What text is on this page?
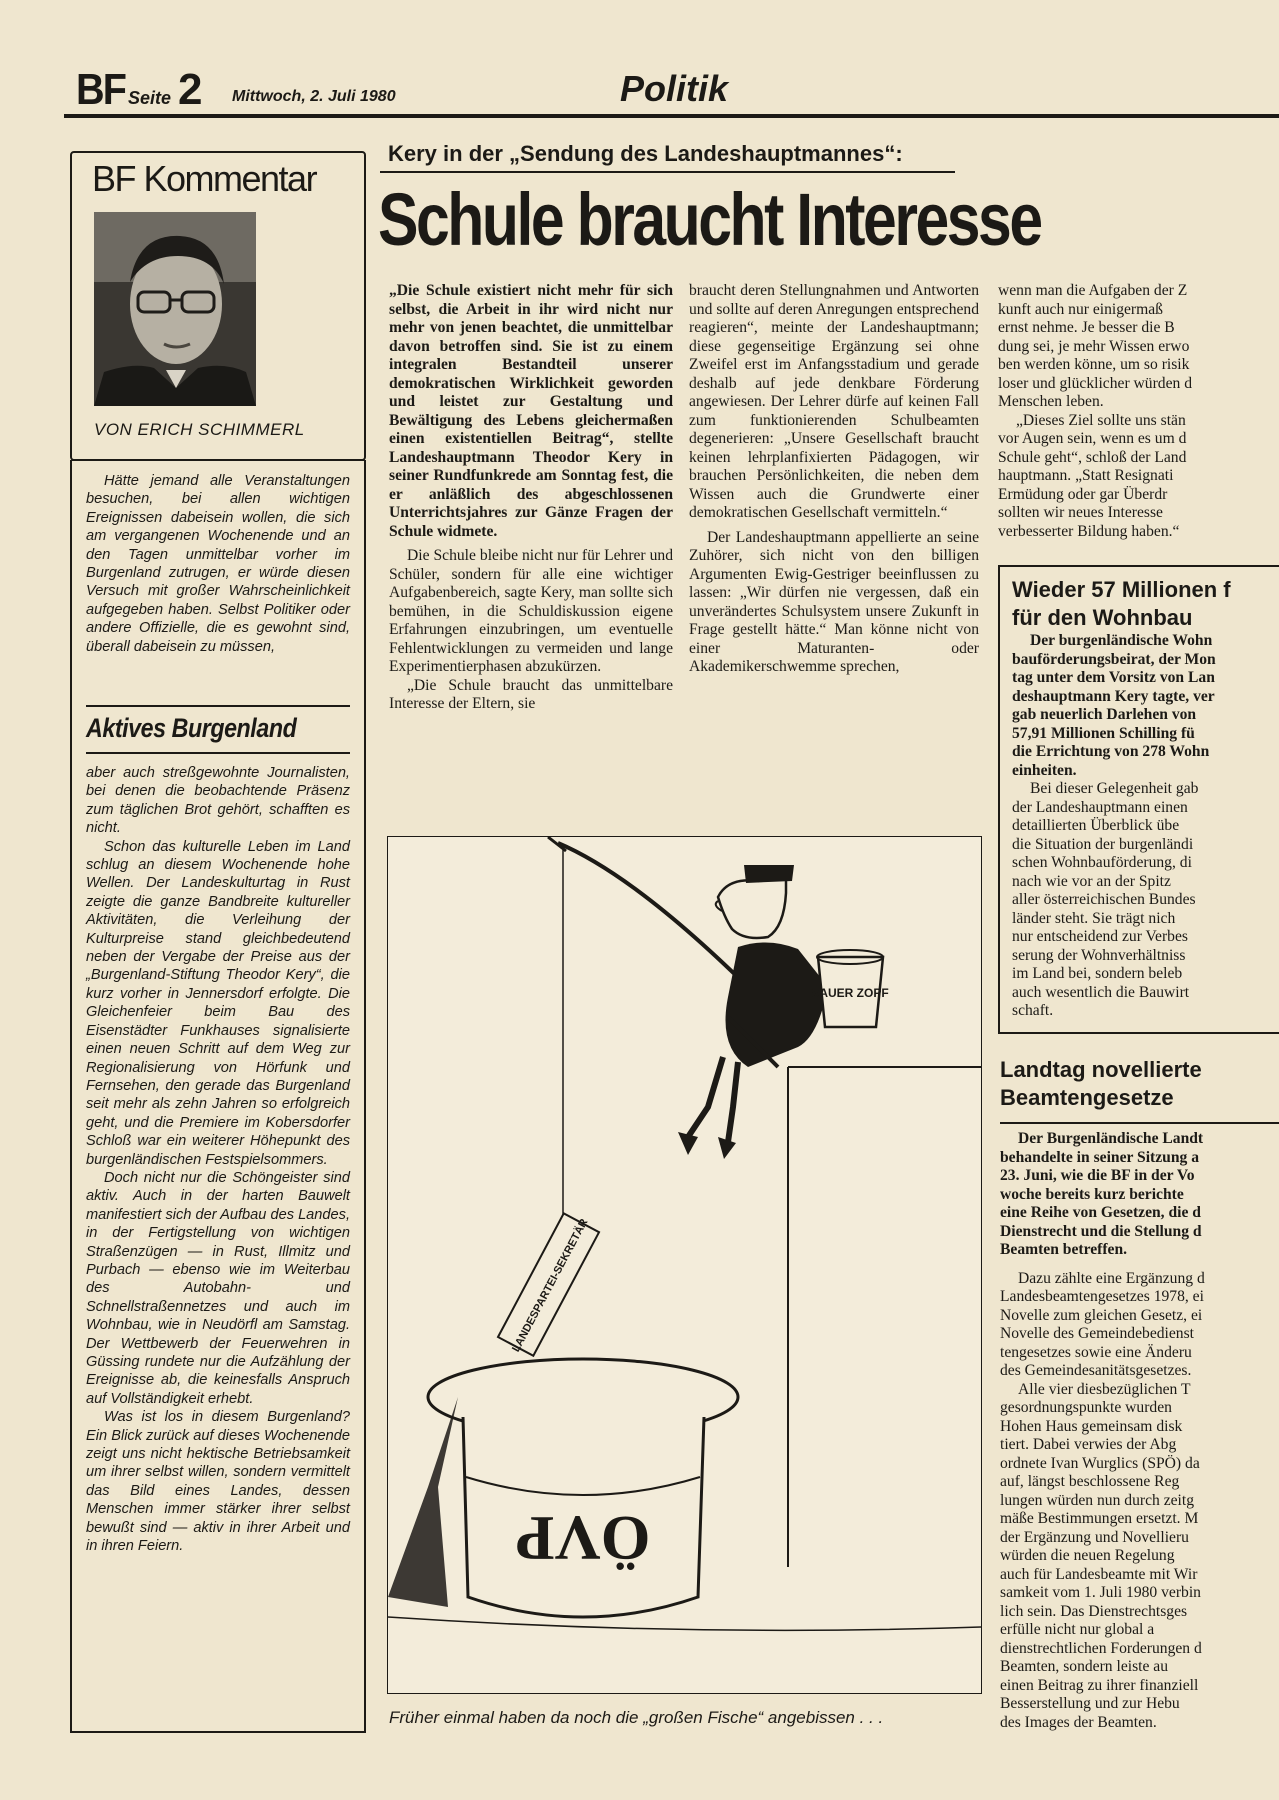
BF Seite 2 Mittwoch, 2. Juli 1980	Politik
BF Kommentar
VON ERICH SCHIMMERL

Hätte jemand alle Veranstaltungen besuchen, bei allen wichtigen Ereignissen dabeisein wollen, die sich am vergangenen Wochenende und an den Tagen unmittelbar vorher im Burgenland zutrugen, er würde diesen Versuch mit großer Wahrscheinlichkeit aufgegeben haben. Selbst Politiker oder andere Offizielle, die es gewohnt sind, überall dabeisein zu müssen,

Aktives Burgenland

aber auch streßgewohnte Journalisten, bei denen die beobachtende Präsenz zum täglichen Brot gehört, schafften es nicht.

Schon das kulturelle Leben im Land schlug an diesem Wochenende hohe Wellen. Der Landeskulturtag in Rust zeigte die ganze Bandbreite kultureller Aktivitäten, die Verleihung der Kulturpreise stand gleichbedeutend neben der Vergabe der Preise aus der „Burgenland-Stiftung Theodor Kery“, die kurz vorher in Jennersdorf erfolgte. Die Gleichenfeier beim Bau des Eisenstädter Funkhauses signalisierte einen neuen Schritt auf dem Weg zur Regionalisierung von Hörfunk und Fernsehen, den gerade das Burgenland seit mehr als zehn Jahren so erfolgreich geht, und die Premiere im Kobersdorfer Schloß war ein weiterer Höhepunkt des burgenländischen Festspielsommers.

Doch nicht nur die Schöngeister sind aktiv. Auch in der harten Bauwelt manifestiert sich der Aufbau des Landes, in der Fertigstellung von wichtigen Straßenzügen — in Rust, Illmitz und Purbach — ebenso wie im Weiterbau des Autobahn- und Schnellstraßennetzes und auch im Wohnbau, wie in Neudörfl am Samstag. Der Wettbewerb der Feuerwehren in Güssing rundete nur die Aufzählung der Ereignisse ab, die keinesfalls Anspruch auf Vollständigkeit erhebt.

Was ist los in diesem Burgenland? Ein Blick zurück auf dieses Wochenende zeigt uns nicht hektische Betriebsamkeit um ihrer selbst willen, sondern vermittelt das Bild eines Landes, dessen Menschen immer stärker ihrer selbst bewußt sind — aktiv in ihrer Arbeit und in ihren Feiern.

Kery in der „Sendung des Landeshauptmannes“:
Schule braucht Interesse

„Die Schule existiert nicht mehr für sich selbst, die Arbeit in ihr wird nicht nur mehr von jenen beachtet, die unmittelbar davon betroffen sind. Sie ist zu einem integralen Bestandteil unserer demokratischen Wirklichkeit geworden und leistet zur Gestaltung und Bewältigung des Lebens gleichermaßen einen existentiellen Beitrag“, stellte Landeshauptmann Theodor Kery in seiner Rundfunkrede am Sonntag fest, die er anläßlich des abgeschlossenen Unterrichtsjahres zur Gänze Fragen der Schule widmete.

Die Schule bleibe nicht nur für Lehrer und Schüler, sondern für alle eine wichtiger Aufgabenbereich, sagte Kery, man sollte sich bemühen, in die Schuldiskussion eigene Erfahrungen einzubringen, um eventuelle Fehlentwicklungen zu vermeiden und lange Experimentierphasen abzukürzen.

„Die Schule braucht das unmittelbare Interesse der Eltern, sie

braucht deren Stellungnahmen und Antworten und sollte auf deren Anregungen entsprechend reagieren“, meinte der Landeshauptmann; diese gegenseitige Ergänzung sei ohne Zweifel erst im Anfangsstadium und gerade deshalb auf jede denkbare Förderung angewiesen. Der Lehrer dürfe auf keinen Fall zum funktionierenden Schulbeamten degenerieren: „Unsere Gesellschaft braucht keinen lehrplanfixierten Pädagogen, wir brauchen Persönlichkeiten, die neben dem Wissen auch die Grundwerte einer demokratischen Gesellschaft vermitteln.“

Der Landeshauptmann appellierte an seine Zuhörer, sich nicht von den billigen Argumenten Ewig-Gestriger beeinflussen zu lassen: „Wir dürfen nie vergessen, daß ein unverändertes Schulsystem unsere Zukunft in Frage gestellt hätte.“ Man könne nicht von einer Maturanten- oder Akademikerschwemme sprechen,

wenn man die Aufgaben der Z

kunft auch nur einigermaß

ernst nehme. Je besser die B

dung sei, je mehr Wissen erwo

ben werden könne, um so risik

loser und glücklicher würden d

Menschen leben.

„Dieses Ziel sollte uns stän

vor Augen sein, wenn es um d

Schule geht“, schloß der Land

hauptmann. „Statt Resignati

Ermüdung oder gar Überdr

sollten wir neues Interesse

verbesserter Bildung haben.“

SAUER ZOPF
LANDESPARTEI-SEKRETÄR
ÖVP
Früher einmal haben da noch die „großen Fische“ angebissen . . .
Wieder 57 Millionen f
für den Wohnbau

Der burgenländische Wohn

bauförderungsbeirat, der Mon

tag unter dem Vorsitz von Lan

deshauptmann Kery tagte, ver

gab neuerlich Darlehen von

57,91 Millionen Schilling fü

die Errichtung von 278 Wohn

einheiten.

Bei dieser Gelegenheit gab

der Landeshauptmann einen

detaillierten Überblick übe

die Situation der burgenländi

schen Wohnbauförderung, di

nach wie vor an der Spitz

aller österreichischen Bundes

länder steht. Sie trägt nich

nur entscheidend zur Verbes

serung der Wohnverhältniss

im Land bei, sondern beleb

auch wesentlich die Bauwirt

schaft.

Landtag novellierte
Beamtengesetze

Der Burgenländische Landt

behandelte in seiner Sitzung a

23. Juni, wie die BF in der Vo

woche bereits kurz berichte

eine Reihe von Gesetzen, die d

Dienstrecht und die Stellung d

Beamten betreffen.

Dazu zählte eine Ergänzung d

Landesbeamtengesetzes 1978, ei

Novelle zum gleichen Gesetz, ei

Novelle des Gemeindebedienst

tengesetzes sowie eine Änderu

des Gemeindesanitätsgesetzes.

Alle vier diesbezüglichen T

gesordnungspunkte wurden

Hohen Haus gemeinsam disk

tiert. Dabei verwies der Abg

ordnete Ivan Wurglics (SPÖ) da

auf, längst beschlossene Reg

lungen würden nun durch zeitg

mäße Bestimmungen ersetzt. M

der Ergänzung und Novellieru

würden die neuen Regelung

auch für Landesbeamte mit Wir

samkeit vom 1. Juli 1980 verbin

lich sein. Das Dienstrechtsges

erfülle nicht nur global a

dienstrechtlichen Forderungen d

Beamten, sondern leiste au

einen Beitrag zu ihrer finanziell

Besserstellung und zur Hebu

des Images der Beamten.
